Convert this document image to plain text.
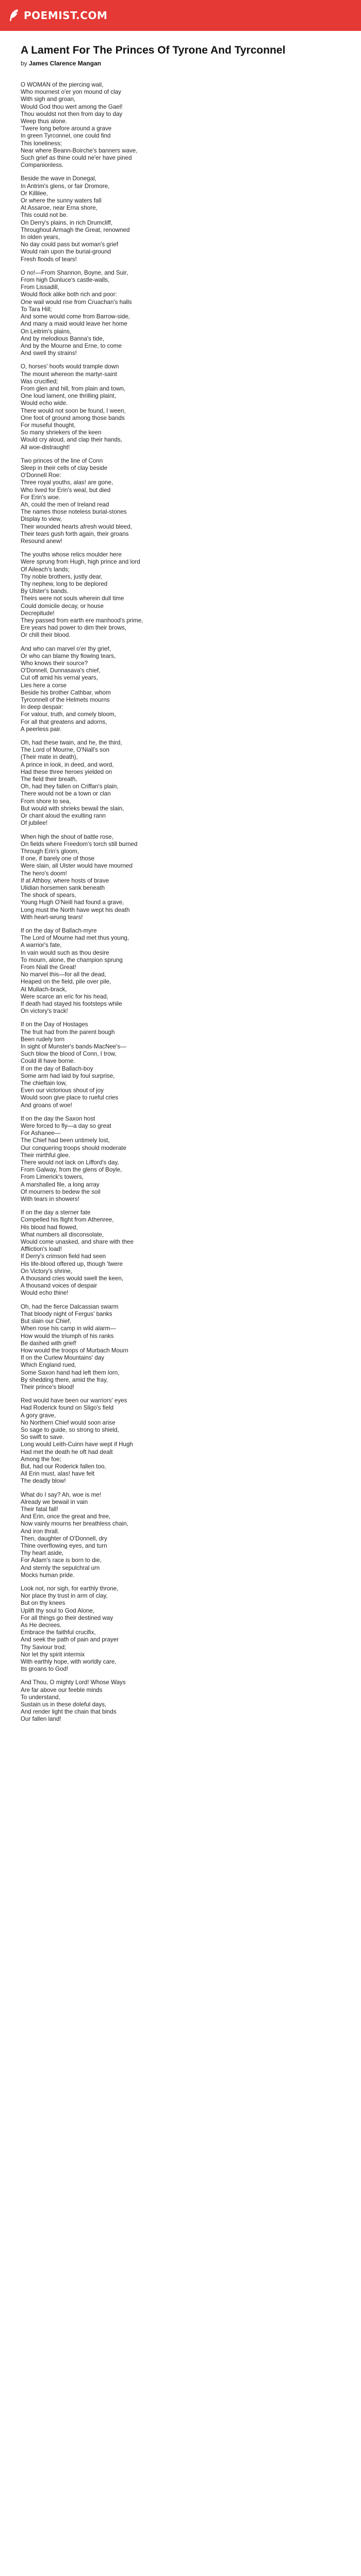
POEMIST.COM
A Lament For The Princes Of Tyrone And Tyrconnel

by James Clarence Mangan

O WOMAN of the piercing wail,
Who mournest o'er yon mound of clay
With sigh and groan,
Would God thou wert among the Gael!
Thou wouldst not then from day to day
Weep thus alone.
'Twere long before around a grave
In green Tyrconnel, one could find
This loneliness;
Near where Beann-Boirche's banners wave,
Such grief as thine could ne'er have pined
Companionless.
Beside the wave in Donegal,
In Antrim's glens, or fair Dromore,
Or Killilee,
Or where the sunny waters fall
At Assaroe, near Erna shore,
This could not be.
On Derry's plains, in rich Drumcliff,
Throughout Armagh the Great, renowned
In olden years,
No day could pass but woman's grief
Would rain upon the burial-ground
Fresh floods of tears!
O no!—From Shannon, Boyne, and Suir,
From high Dunluce's castle-walls,
From Lissadill,
Would flock alike both rich and poor:
One wail would rise from Cruachan's halls
To Tara Hill;
And some would come from Barrow-side,
And many a maid would leave her home
On Leitrim's plains,
And by melodious Banna's tide,
And by the Mourne and Erne, to come
And swell thy strains!
O, horses' hoofs would trample down
The mount whereon the martyr-saint
Was crucified;
From glen and hill, from plain and town,
One loud lament, one thrilling plaint,
Would echo wide.
There would not soon be found, I ween,
One foot of ground among those bands
For museful thought,
So many shriekers of the keen
Would cry aloud, and clap their hands,
All woe-distraught!
Two princes of the line of Conn
Sleep in their cells of clay beside
O'Donnell Roe:
Three royal youths, alas! are gone,
Who lived for Erin's weal, but died
For Erin's woe.
Ah, could the men of Ireland read
The names those noteless burial-stones
Display to view,
Their wounded hearts afresh would bleed,
Their tears gush forth again, their groans
Resound anew!
The youths whose relics moulder here
Were sprung from Hugh, high prince and lord
Of Aileach's lands;
Thy noble brothers, justly dear,
Thy nephew, long to be deplored
By Ulster's bands.
Theirs were not souls wherein dull time
Could domicile decay, or house
Decrepitude!
They passed from earth ere manhood's prime,
Ere years had power to dim their brows,
Or chill their blood.
And who can marvel o'er thy grief,
Or who can blame thy flowing tears,
Who knows their source?
O'Donnell, Dunnasava's chief,
Cut off amid his vernal years,
Lies here a corse
Beside his brother Cathbar, whom
Tyrconnell of the Helmets mourns
In deep despair:
For valour, truth, and comely bloom,
For all that greatens and adorns,
A peerless pair.
Oh, had these twain, and he, the third,
The Lord of Mourne, O'Niall's son
(Their mate in death),
A prince in look, in deed, and word,
Had these three heroes yielded on
The field their breath,
Oh, had they fallen on Criffan's plain,
There would not be a town or clan
From shore to sea,
But would with shrieks bewail the slain,
Or chant aloud the exulting rann
Of jubilee!
When high the shout of battle rose,
On fields where Freedom's torch still burned
Through Erin's gloom,
If one, if barely one of those
Were slain, all Ulster would have mourned
The hero's doom!
If at Athboy, where hosts of brave
Ulidian horsemen sank beneath
The shock of spears,
Young Hugh O'Neill had found a grave,
Long must the North have wept his death
With heart-wrung tears!
If on the day of Ballach-myre
The Lord of Mourne had met thus young,
A warrior's fate,
In vain would such as thou desire
To mourn, alone, the champion sprung
From Niall the Great!
No marvel this—for all the dead,
Heaped on the field, pile over pile,
At Mullach-brack,
Were scarce an eric for his head,
If death had stayed his footsteps while
On victory's track!
If on the Day of Hostages
The fruit had from the parent bough
Been rudely torn
In sight of Munster's bands-MacNee's—
Such blow the blood of Conn, I trow,
Could ill have borne.
If on the day of Ballach-boy
Some arm had laid by foul surprise,
The chieftain low,
Even our victorious shout of joy
Would soon give place to rueful cries
And groans of woe!
If on the day the Saxon host
Were forced to fly—a day so great
For Ashanee—
The Chief had been untimely lost,
Our conquering troops should moderate
Their mirthful glee.
There would not lack on Lifford's day,
From Galway, from the glens of Boyle,
From Limerick's towers,
A marshalled file, a long array
Of mourners to bedew the soil
With tears in showers!
If on the day a sterner fate
Compelled his flight from Athenree,
His blood had flowed,
What numbers all disconsolate,
Would come unasked, and share with thee
Affliction's load!
If Derry's crimson field had seen
His life-blood offered up, though 'twere
On Victory's shrine,
A thousand cries would swell the keen,
A thousand voices of despair
Would echo thine!
Oh, had the fierce Dalcassian swarm
That bloody night of Fergus' banks
But slain our Chief,
When rose his camp in wild alarm—
How would the triumph of his ranks
Be dashed with grief!
How would the troops of Murbach Mourn
If on the Curlew Mountains' day
Which England rued,
Some Saxon hand had left them lorn,
By shedding there, amid the fray,
Their prince's blood!
Red would have been our warriors' eyes
Had Roderick found on Sligo's field
A gory grave,
No Northern Chief would soon arise
So sage to guide, so strong to shield,
So swift to save.
Long would Leith-Cuinn have wept if Hugh
Had met the death he oft had dealt
Among the foe;
But, had our Roderick fallen too,
All Erin must, alas! have felt
The deadly blow!
What do I say? Ah, woe is me!
Already we bewail in vain
Their fatal fall!
And Erin, once the great and free,
Now vainly mourns her breathless chain,
And iron thrall.
Then, daughter of O'Donnell, dry
Thine overflowing eyes, and turn
Thy heart aside,
For Adam's race is born to die,
And sternly the sepulchral urn
Mocks human pride.
Look not, nor sigh, for earthly throne,
Nor place thy trust in arm of clay,
But on thy knees
Uplift thy soul to God Alone,
For all things go their destined way
As He decrees.
Embrace the faithful crucifix,
And seek the path of pain and prayer
Thy Saviour trod;
Nor let thy spirit intermix
With earthly hope, with worldly care,
Its groans to God!
And Thou, O mighty Lord! Whose Ways
Are far above our feeble minds
To understand,
Sustain us in these doleful days,
And render light the chain that binds
Our fallen land!
